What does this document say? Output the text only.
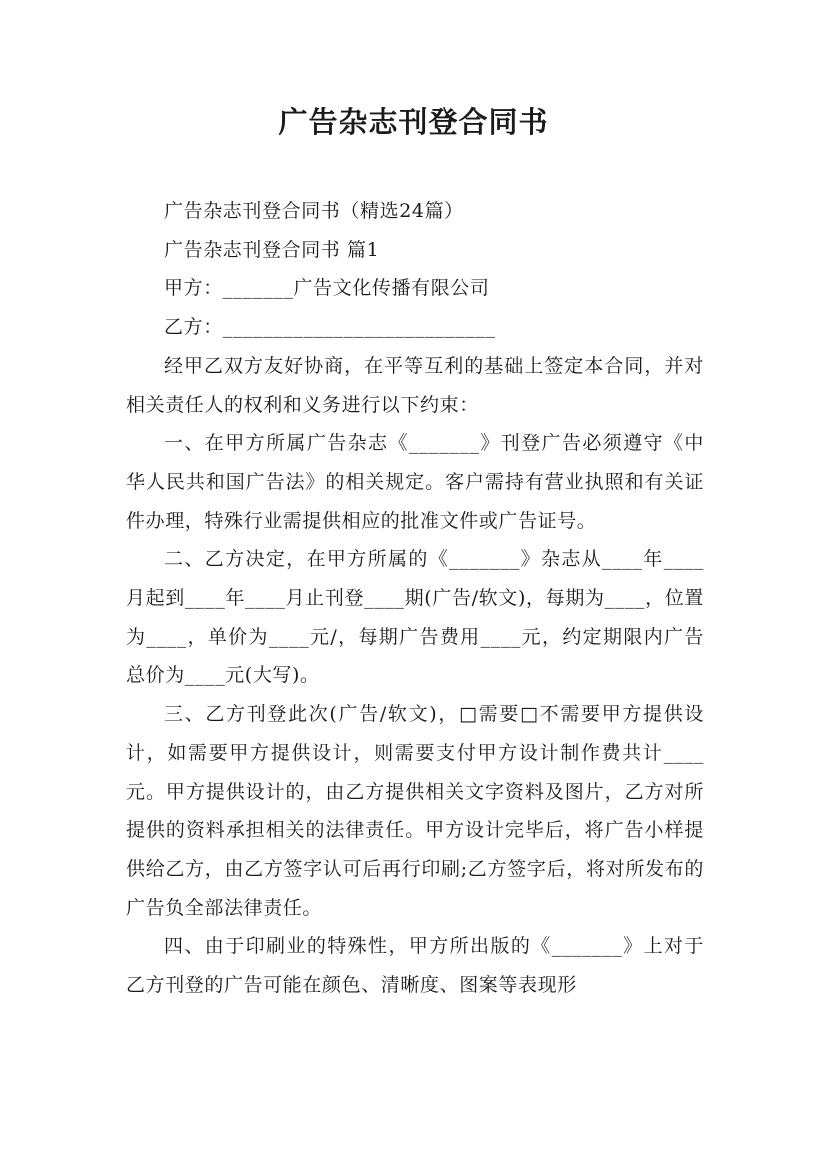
广告杂志刊登合同书

广告杂志刊登合同书（精选24篇）

广告杂志刊登合同书 篇1

甲方：_______广告文化传播有限公司

乙方：___________________________

经甲乙双方友好协商，在平等互利的基础上签定本合同，并对相关责任人的权利和义务进行以下约束：

一、在甲方所属广告杂志《_______》刊登广告必须遵守《中华人民共和国广告法》的相关规定。客户需持有营业执照和有关证件办理，特殊行业需提供相应的批准文件或广告证号。

二、乙方决定，在甲方所属的《_______》杂志从____年____月起到____年____月止刊登____期(广告/软文)，每期为____，位置为____，单价为____元/，每期广告费用____元，约定期限内广告总价为____元(大写)。

三、乙方刊登此次(广告/软文)，□需要□不需要甲方提供设计，如需要甲方提供设计，则需要支付甲方设计制作费共计____元。甲方提供设计的，由乙方提供相关文字资料及图片，乙方对所提供的资料承担相关的法律责任。甲方设计完毕后，将广告小样提供给乙方，由乙方签字认可后再行印刷;乙方签字后，将对所发布的广告负全部法律责任。

四、由于印刷业的特殊性，甲方所出版的《_______》上对于乙方刊登的广告可能在颜色、清晰度、图案等表现形
